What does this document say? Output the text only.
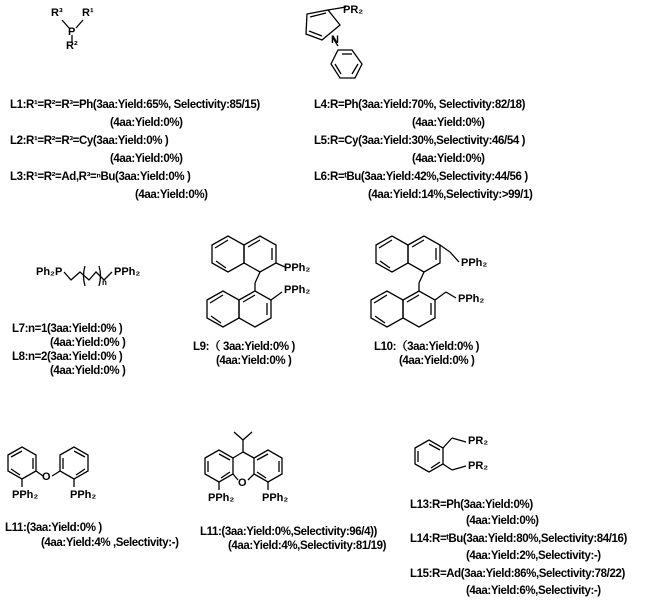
R³ R¹
P
R²
PR₂
N
Ph₂P
n
PPh₂	PPh₂
PPh₂
PPh₂
PPh₂
O
PPh₂	PPh₂
O
PPh₂	PPh₂
PR₂
PR₂
L1:R¹=R²=R³=Ph(3aa:Yield:65%, Selectivity:85/15)
(4aa:Yield:0%)
L2:R¹=R²=R³=Cy(3aa:Yield:0% )
(4aa:Yield:0%)
L3:R¹=R²=Ad,R³=ⁿBu(3aa:Yield:0% )
(4aa:Yield:0%)
L4:R=Ph(3aa:Yield:70%, Selectivity:82/18)
(4aa:Yield:0%)
L5:R=Cy(3aa:Yield:30%,Selectivity:46/54 )
(4aa:Yield:0%)
L6:R=ᵗBu(3aa:Yield:42%,Selectivity:44/56 )
(4aa:Yield:14%,Selectivity:>99/1)
L7:n=1(3aa:Yield:0% )
(4aa:Yield:0% )
L8:n=2(3aa:Yield:0% )
(4aa:Yield:0% )
L9:（ 3aa:Yield:0% )
(4aa:Yield:0% )
L10:（3aa:Yield:0% )
(4aa:Yield:0% )
L11:(3aa:Yield:0% )
(4aa:Yield:4% ,Selectivity:-)
L11:(3aa:Yield:0%,Selectivity:96/4))
(4aa:Yield:4%,Selectivity:81/19)
L13:R=Ph(3aa:Yield:0%)
(4aa:Yield:0%)
L14:R=ᵗBu(3aa:Yield:80%,Selectivity:84/16)
(4aa:Yield:2%,Selectivity:-)
L15:R=Ad(3aa:Yield:86%,Selectivity:78/22)
(4aa:Yield:6%,Selectivity:-)
